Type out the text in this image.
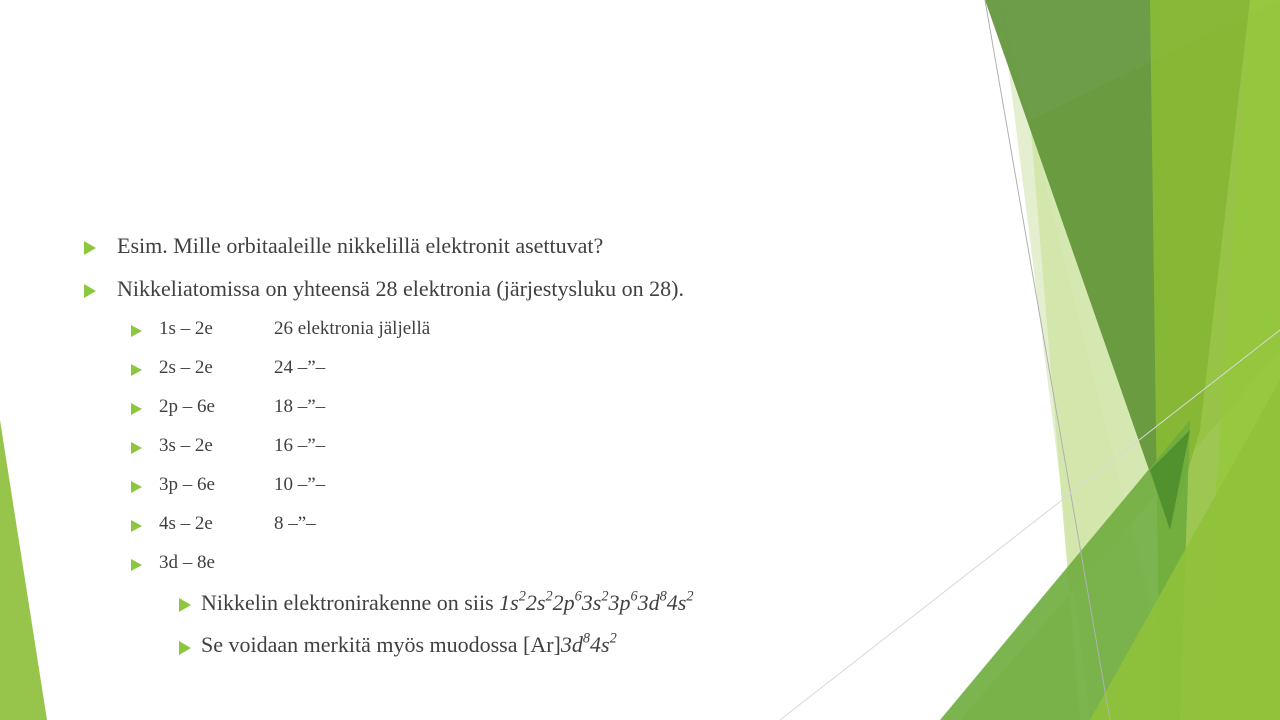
Esim. Mille orbitaaleille nikkelillä elektronit asettuvat?
Nikkeliatomissa on yhteensä 28 elektronia (järjestysluku on 28).
1s – 2e	26 elektronia jäljellä
2s – 2e	24 –”–
2p – 6e	18 –”–
3s – 2e	16 –”–
3p – 6e	10 –”–
4s – 2e	8 –”–
3d – 8e
Nikkelin elektronirakenne on siis $1s^22s^22p^63s^23p^63d^84s^2$
Se voidaan merkitä myös muodossa $[Ar]3d^84s^2$
